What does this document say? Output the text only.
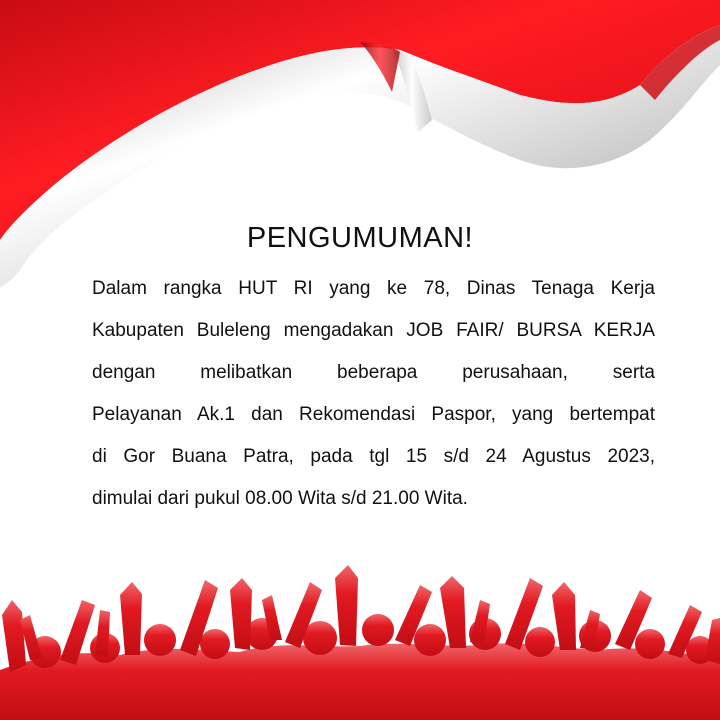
PENGUMUMAN!
Dalam rangka HUT RI yang ke 78, Dinas Tenaga Kerja
Kabupaten Buleleng mengadakan JOB FAIR/ BURSA KERJA
dengan melibatkan beberapa perusahaan, serta
Pelayanan Ak.1 dan Rekomendasi Paspor, yang bertempat
di Gor Buana Patra, pada tgl 15 s/d 24 Agustus 2023,
dimulai dari pukul 08.00 Wita s/d 21.00 Wita.
